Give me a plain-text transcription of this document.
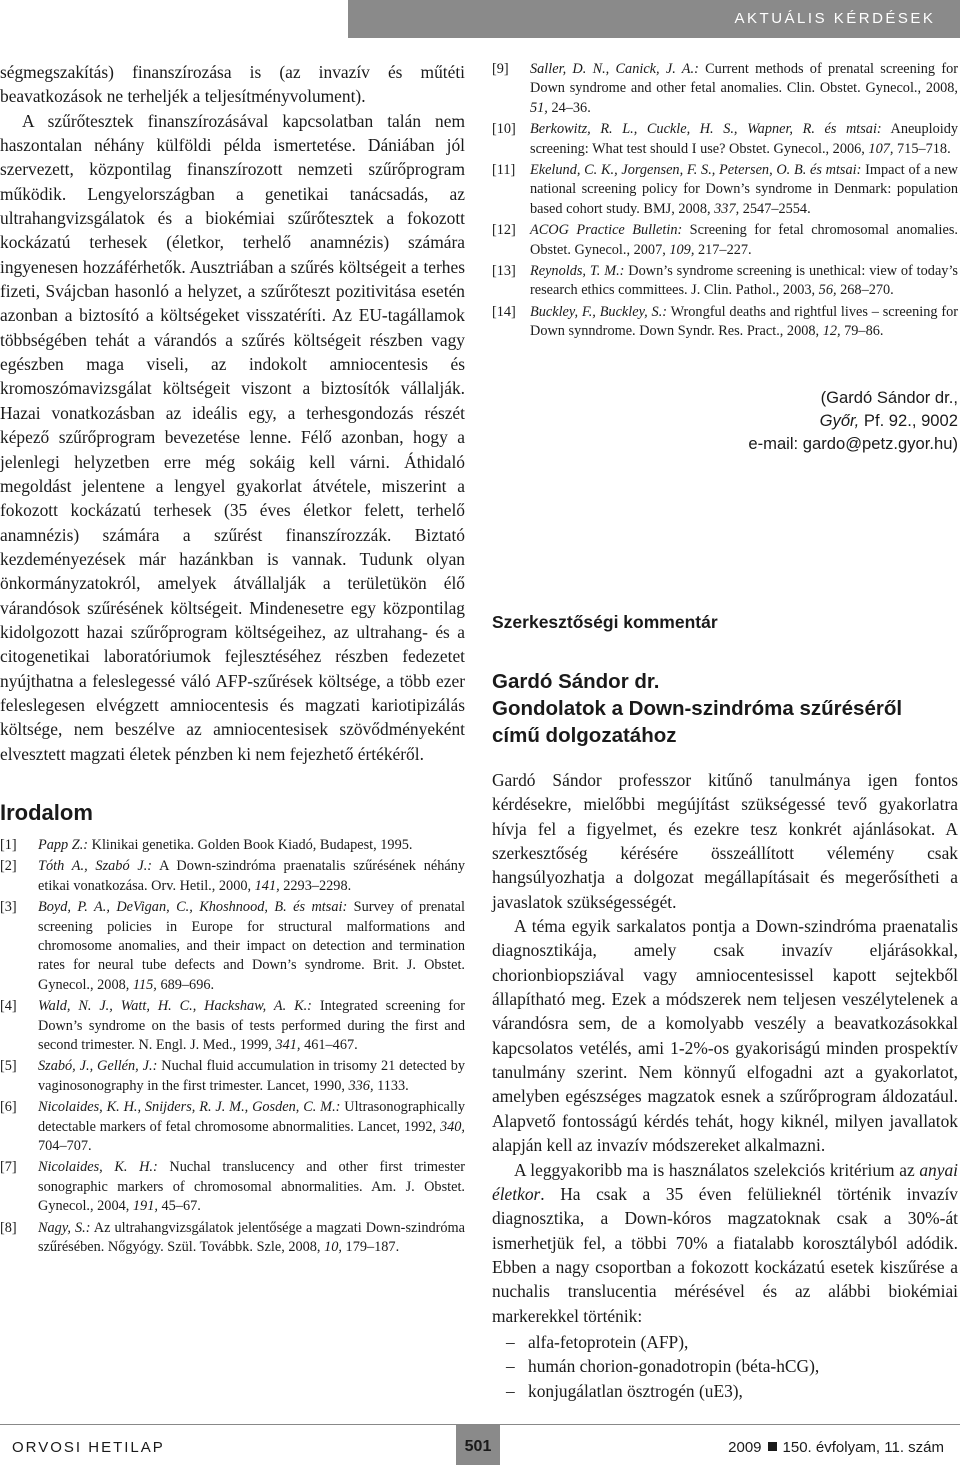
AKTUÁLIS KÉRDÉSEK

ségmegszakítás) finanszírozása is (az invazív és műtéti beavatkozások ne terheljék a teljesítményvolument).

A szűrőtesztek finanszírozásával kapcsolatban talán nem haszontalan néhány külföldi példa ismertetése. Dániában jól szervezett, központilag finanszírozott nemzeti szűrőprogram működik. Lengyelországban a genetikai tanácsadás, az ultrahangvizsgálatok és a biokémiai szűrőtesztek a fokozott kockázatú terhesek (életkor, terhelő anamnézis) számára ingyenesen hozzáférhetők. Ausztriában a szűrés költségeit a terhes fizeti, Svájcban hasonló a helyzet, a szűrőteszt pozitivitása esetén azonban a biztosító a költségeket visszatéríti. Az EU-tagállamok többségében tehát a várandós a szűrés költségeit részben vagy egészben maga viseli, az indokolt amniocentesis és kromoszómavizsgálat költségeit viszont a biztosítók vállalják. Hazai vonatkozásban az ideális egy, a terhesgondozás részét képező szűrőprogram bevezetése lenne. Félő azonban, hogy a jelenlegi helyzetben erre még sokáig kell várni. Áthidaló megoldást jelentene a lengyel gyakorlat átvétele, miszerint a fokozott kockázatú terhesek (35 éves életkor felett, terhelő anamnézis) számára a szűrést finanszírozzák. Biztató kezdeményezések már hazánkban is vannak. Tudunk olyan önkormányzatokról, amelyek átvállalják a területükön élő várandósok szűrésének költségeit. Mindenesetre egy központilag kidolgozott hazai szűrőprogram költségeihez, az ultrahang- és a citogenetikai laboratóriumok fejlesztéséhez részben fedezetet nyújthatna a feleslegessé váló AFP-szűrések költsége, a több ezer feleslegesen elvégzett amniocentesis és magzati kariotipizálás költsége, nem beszélve az amniocentesisek szövődményeként elvesztett magzati életek pénzben ki nem fejezhető értékéről.

Irodalom
[1] Papp Z.: Klinikai genetika. Golden Book Kiadó, Budapest, 1995.
[2] Tóth A., Szabó J.: A Down-szindróma praenatalis szűrésének néhány etikai vonatkozása. Orv. Hetil., 2000, 141, 2293–2298.
[3] Boyd, P. A., DeVigan, C., Khoshnood, B. és mtsai: Survey of prenatal screening policies in Europe for structural malformations and chromosome anomalies, and their impact on detection and termination rates for neural tube defects and Down’s syndrome. Brit. J. Obstet. Gynecol., 2008, 115, 689–696.
[4] Wald, N. J., Watt, H. C., Hackshaw, A. K.: Integrated screening for Down’s syndrome on the basis of tests performed during the first and second trimester. N. Engl. J. Med., 1999, 341, 461–467.
[5] Szabó, J., Gellén, J.: Nuchal fluid accumulation in trisomy 21 detected by vaginosonography in the first trimester. Lancet, 1990, 336, 1133.
[6] Nicolaides, K. H., Snijders, R. J. M., Gosden, C. M.: Ultrasonographically detectable markers of fetal chromosome abnormalities. Lancet, 1992, 340, 704–707.
[7] Nicolaides, K. H.: Nuchal translucency and other first trimester sonographic markers of chromosomal abnormalities. Am. J. Obstet. Gynecol., 2004, 191, 45–67.
[8] Nagy, S.: Az ultrahangvizsgálatok jelentősége a magzati Down-szindróma szűrésében. Nőgyógy. Szül. Továbbk. Szle, 2008, 10, 179–187.
[9] Saller, D. N., Canick, J. A.: Current methods of prenatal screening for Down syndrome and other fetal anomalies. Clin. Obstet. Gynecol., 2008, 51, 24–36.
[10] Berkowitz, R. L., Cuckle, H. S., Wapner, R. és mtsai: Aneuploidy screening: What test should I use? Obstet. Gynecol., 2006, 107, 715–718.
[11] Ekelund, C. K., Jorgensen, F. S., Petersen, O. B. és mtsai: Impact of a new national screening policy for Down’s syndrome in Denmark: population based cohort study. BMJ, 2008, 337, 2547–2554.
[12] ACOG Practice Bulletin: Screening for fetal chromosomal anomalies. Obstet. Gynecol., 2007, 109, 217–227.
[13] Reynolds, T. M.: Down’s syndrome screening is unethical: view of today’s research ethics committees. J. Clin. Pathol., 2003, 56, 268–270.
[14] Buckley, F., Buckley, S.: Wrongful deaths and rightful lives – screening for Down synndrome. Down Syndr. Res. Pract., 2008, 12, 79–86.
(Gardó Sándor dr.,
Győr, Pf. 92., 9002
e-mail: gardo@petz.gyor.hu)

Szerkesztőségi kommentár

Gardó Sándor dr.
Gondolatok a Down-szindróma szűréséről
című dolgozatához

Gardó Sándor professzor kitűnő tanulmánya igen fontos kérdésekre, mielőbbi megújítást szükségessé tevő gyakorlatra hívja fel a figyelmet, és ezekre tesz konkrét ajánlásokat. A szerkesztőség kérésére összeállított vélemény csak hangsúlyozhatja a dolgozat megállapításait és megerősítheti a javaslatok szükségességét.

A téma egyik sarkalatos pontja a Down-szindróma praenatalis diagnosztikája, amely csak invazív eljárásokkal, chorionbiopsziával vagy amniocentesissel kapott sejtekből állapítható meg. Ezek a módszerek nem teljesen veszélytelenek a várandósra sem, de a komolyabb veszély a beavatkozásokkal kapcsolatos vetélés, ami 1-2%-os gyakoriságú minden prospektív tanulmány szerint. Nem könnyű elfogadni azt a gyakorlatot, amelyben egészséges magzatok esnek a szűrőprogram áldozatául. Alapvető fontosságú kérdés tehát, hogy kiknél, milyen javallatok alapján kell az invazív módszereket alkalmazni.

A leggyakoribb ma is használatos szelekciós kritérium az anyai életkor. Ha csak a 35 éven felülieknél történik invazív diagnosztika, a Down-kóros magzatoknak csak a 30%-át ismerhetjük fel, a többi 70% a fiatalabb korosztályból adódik. Ebben a nagy csoportban a fokozott kockázatú esetek kiszűrése a nuchalis translucentia mérésével és az alábbi biokémiai markerekkel történik:

– alfa-fetoprotein (AFP),
– humán chorion-gonadotropin (béta-hCG),
– konjugálatlan ösztrogén (uE3),
ORVOSI HETILAP	501	2009 150. évfolyam, 11. szám
